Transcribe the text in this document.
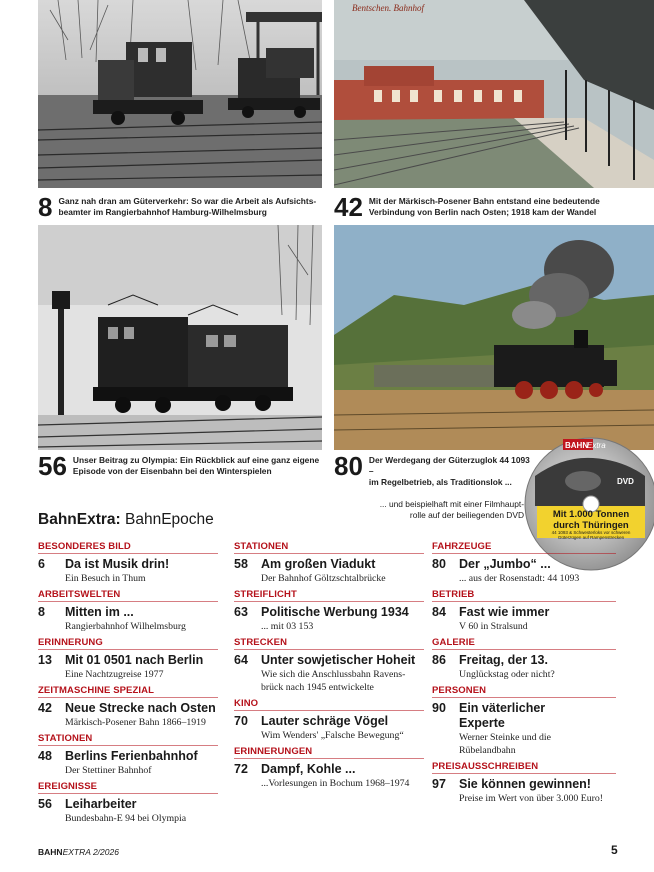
Bentschen. Bahnhof
8 Ganz nah dran am Güterverkehr: So war die Arbeit als Aufsichts-
beamter im Rangierbahnhof Hamburg-Wilhelmsburg	42 Mit der Märkisch-Posener Bahn entstand eine bedeutende
Verbindung von Berlin nach Osten; 1918 kam der Wandel
56 Unser Beitrag zu Olympia: Ein Rückblick auf eine ganz eigene
Episode von der Eisenbahn bei den Winterspielen	80 Der Werdegang der Güterzuglok 44 1093 –
im Regelbetrieb, als Traditionslok ...
BAHN
Extra
DVD
Mit 1.000 Tonnen
durch Thüringen
44 1093 & Schwesterloks vor schweren
Güterzügen auf Rampenstrecken
... und beispielhaft mit einer Filmhaupt-
rolle auf der beiliegenden DVD
BahnExtra: BahnEpoche
BESONDERES BILD
6	Da ist Musik drin!
Ein Besuch in Thum
ARBEITSWELTEN
8	Mitten im ...
Rangierbahnhof Wilhelmsburg
ERINNERUNG
13	Mit 01 0501 nach Berlin
Eine Nachtzugreise 1977
ZEITMASCHINE SPEZIAL
42	Neue Strecke nach Osten
Märkisch-Posener Bahn 1866–1919
STATIONEN
48	Berlins Ferienbahnhof
Der Stettiner Bahnhof
EREIGNISSE
56	Leiharbeiter
Bundesbahn-E 94 bei Olympia
STATIONEN
58	Am großen Viadukt
Der Bahnhof Göltzschtalbrücke
STREIFLICHT
63	Politische Werbung 1934
... mit 03 153
STRECKEN
64	Unter sowjetischer Hoheit
Wie sich die Anschlussbahn Ravens-
brück nach 1945 entwickelte
KINO
70	Lauter schräge Vögel
Wim Wenders' „Falsche Bewegung“
ERINNERUNGEN
72	Dampf, Kohle ...
...Vorlesungen in Bochum 1968–1974
FAHRZEUGE
80	Der „Jumbo“ ...
... aus der Rosenstadt: 44 1093
BETRIEB
84	Fast wie immer
V 60 in Stralsund
GALERIE
86	Freitag, der 13.
Unglückstag oder nicht?
PERSONEN
90	Ein väterlicher
Experte
Werner Steinke und die
Rübelandbahn
PREISAUSSCHREIBEN
97	Sie können gewinnen!
Preise im Wert von über 3.000 Euro!
BAHNEXTRA 2/2026	5
